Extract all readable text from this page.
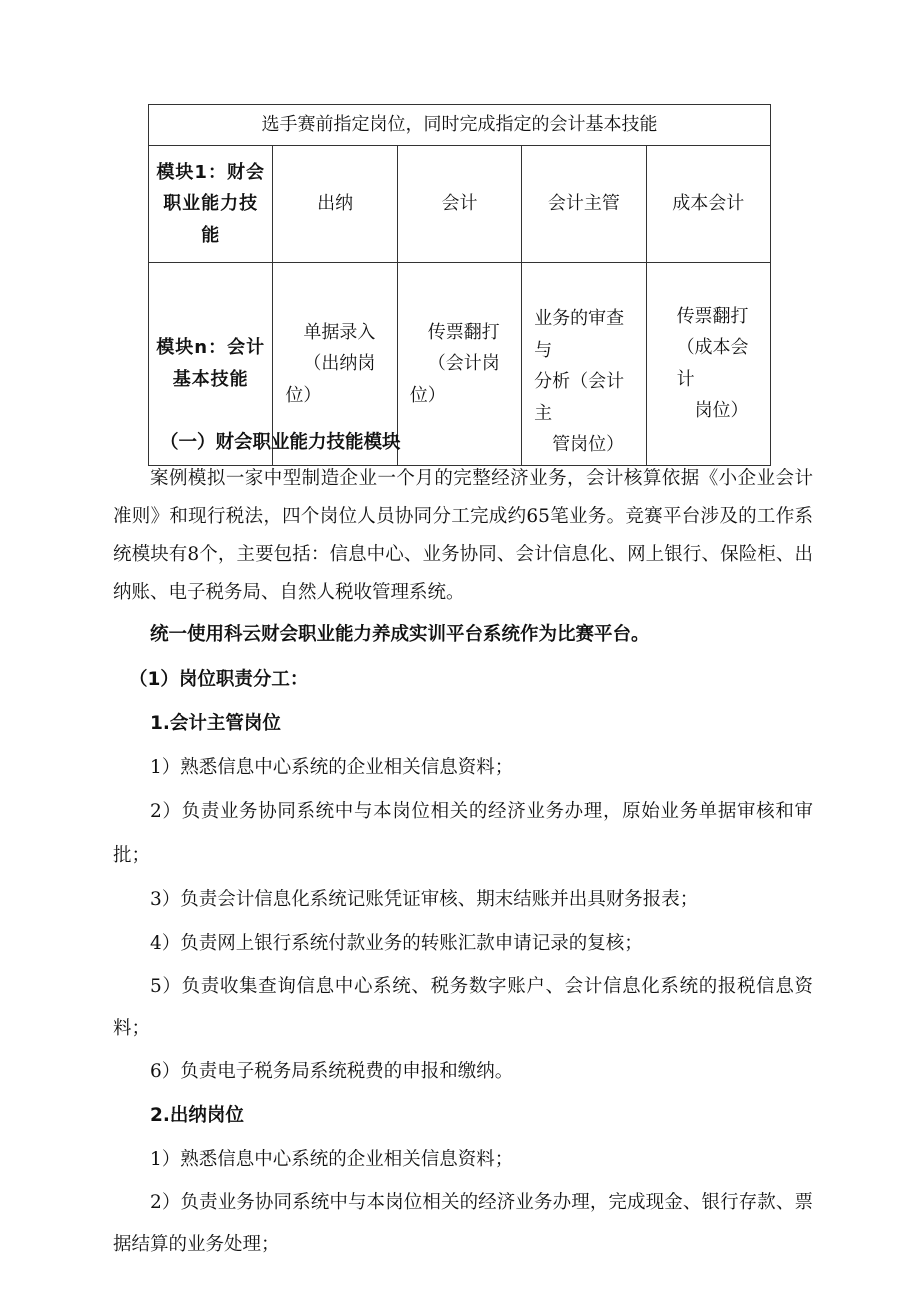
选手赛前指定岗位，同时完成指定的会计基本技能				

模块1：财会
职业能力技能	出纳	会计	会计主管	成本会计

模块n：会计
基本技能	单据录入
（出纳岗
位）	传票翻打
（会计岗
位）	业务的审查与
分析（会计主
管岗位）	传票翻打
（成本会计
岗位）

（一）财会职业能力技能模块

案例模拟一家中型制造企业一个月的完整经济业务，会计核算依据《小企业会计准则》和现行税法，四个岗位人员协同分工完成约65笔业务。竞赛平台涉及的工作系统模块有8个，主要包括：信息中心、业务协同、会计信息化、网上银行、保险柜、出纳账、电子税务局、自然人税收管理系统。

统一使用科云财会职业能力养成实训平台系统作为比赛平台。

（1）岗位职责分工：

1.会计主管岗位

1）熟悉信息中心系统的企业相关信息资料；

2）负责业务协同系统中与本岗位相关的经济业务办理，原始业务单据审核和审批；

3）负责会计信息化系统记账凭证审核、期末结账并出具财务报表；

4）负责网上银行系统付款业务的转账汇款申请记录的复核；

5）负责收集查询信息中心系统、税务数字账户、会计信息化系统的报税信息资料；

6）负责电子税务局系统税费的申报和缴纳。

2.出纳岗位

1）熟悉信息中心系统的企业相关信息资料；

2）负责业务协同系统中与本岗位相关的经济业务办理，完成现金、银行存款、票据结算的业务处理；
